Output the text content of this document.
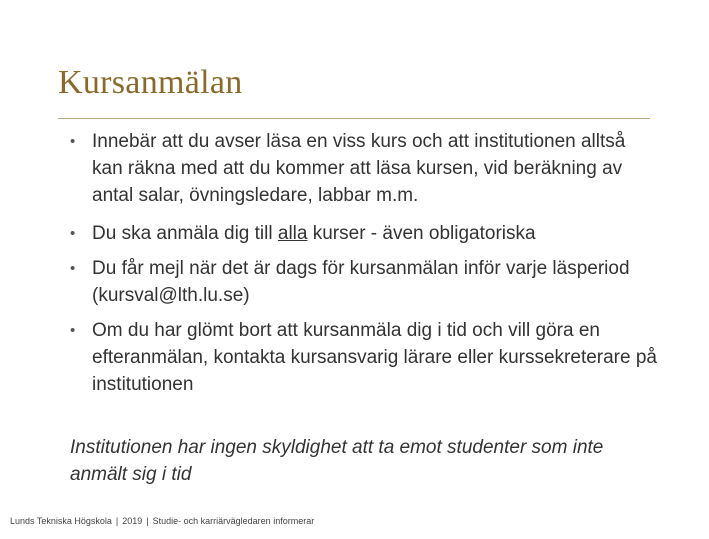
Kursanmälan
• Innebär att du avser läsa en viss kurs och att institutionen alltså kan räkna med att du kommer att läsa kursen, vid beräkning av antal salar, övningsledare, labbar m.m.
• Du ska anmäla dig till alla kurser - även obligatoriska
• Du får mejl när det är dags för kursanmälan inför varje läsperiod (kursval@lth.lu.se)
• Om du har glömt bort att kursanmäla dig i tid och vill göra en efteranmälan, kontakta kursansvarig lärare eller kurssekreterare på institutionen
Institutionen har ingen skyldighet att ta emot studenter som inte anmält sig i tid
Lunds Tekniska Högskola | 2019 | Studie- och karriärvägledaren informerar
